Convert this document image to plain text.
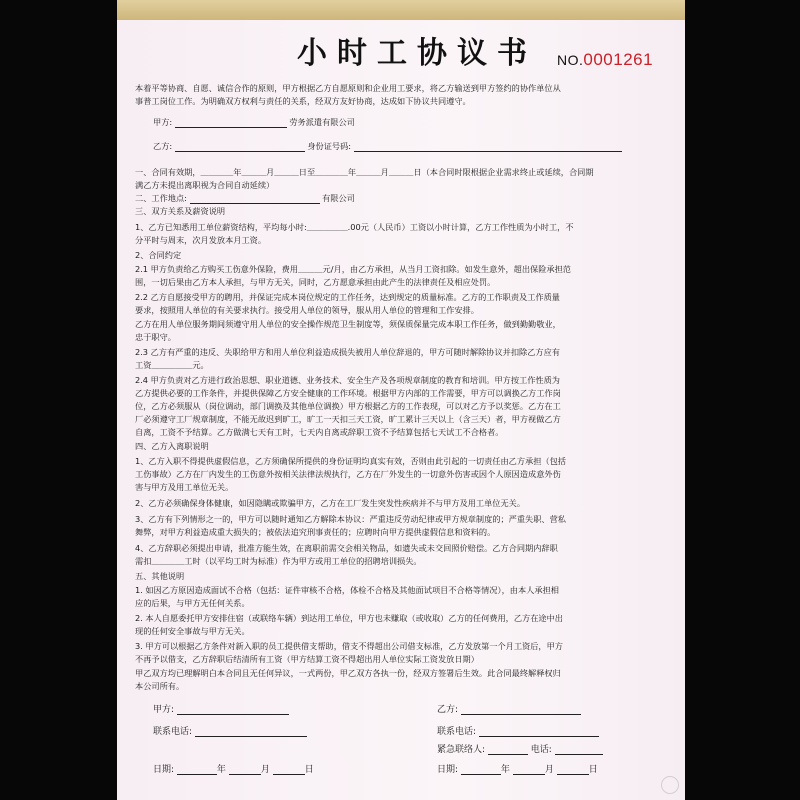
小时工协议书	NO.0001261
本着平等协商、自愿、诚信合作的原则，甲方根据乙方自愿原则和企业用工要求，将乙方输送到甲方签约的协作单位从
事普工岗位工作。为明确双方权利与责任的关系，经双方友好协商，达成如下协议共同遵守。
甲方:	劳务派遣有限公司
乙方:	身份证号码:
一、合同有效期，＿＿＿＿年＿＿＿月＿＿＿日至＿＿＿＿年＿＿＿月＿＿＿日（本合同时限根据企业需求终止或延续，合同期
满乙方未提出离职视为合同自动延续）
二、工作地点:	有限公司
三、双方关系及薪资说明
1、乙方已知悉用工单位薪资结构，平均每小时:＿＿＿＿＿.00元（人民币）工资以小时计算，乙方工作性质为小时工，不
分平时与周末，次月发放本月工资。
2、合同约定
2.1 甲方负责给乙方购买工伤意外保险，费用＿＿＿元/月，由乙方承担，从当月工资扣除。如发生意外，超出保险承担范
围，一切后果由乙方本人承担，与甲方无关，同时，乙方愿意承担由此产生的法律责任及相应处罚。
2.2 乙方自愿接受甲方的聘用，并保证完成本岗位规定的工作任务，达到规定的质量标准。乙方的工作职责及工作质量
要求，按照用人单位的有关要求执行。接受用人单位的领导，服从用人单位的管理和工作安排。
乙方在用人单位服务期间须遵守用人单位的安全操作规范卫生制度等，须保质保量完成本职工作任务，做到勤勤敬业，
忠于职守。
2.3 乙方有严重的违反、失职给甲方和用人单位利益造成损失被用人单位辞退的，甲方可随时解除协议并扣除乙方应有
工资＿＿＿＿＿元。
2.4 甲方负责对乙方进行政治思想、职业道德、业务技术、安全生产及各项规章制度的教育和培训。甲方按工作性质为
乙方提供必要的工作条件，并提供保障乙方安全健康的工作环境。根据甲方内部的工作需要，甲方可以调换乙方工作岗
位，乙方必须服从（岗位调动，部门调换及其他单位调换）甲方根据乙方的工作表现，可以对乙方予以奖惩。乙方在工
厂必须遵守工厂规章制度，不能无故迟到旷工，旷工一天扣三天工资，旷工累计三天以上（含三天）者，甲方视做乙方
自离，工资不予结算。乙方做满七天有工时，七天内自离或辞职工资不予结算包括七天试工不合格者。
四、乙方入离职说明
1、乙方入职不得提供虚假信息，乙方须确保所提供的身份证明均真实有效，否则由此引起的一切责任由乙方承担（包括
工伤事故）乙方在厂内发生的工伤意外按相关法律法规执行，乙方在厂外发生的一切意外伤害或因个人原因造成意外伤
害与甲方及用工单位无关。
2、乙方必须确保身体健康，如因隐瞒或欺骗甲方，乙方在工厂发生突发性疾病并不与甲方及用工单位无关。
3、乙方有下列情形之一的，甲方可以随时通知乙方解除本协议：严重违反劳动纪律或甲方规章制度的；严重失职、营私
舞弊，对甲方利益造成重大损失的；被依法追究刑事责任的；应聘时向甲方提供虚假信息和资料的。
4、乙方辞职必须提出申请，批准方能生效，在离职前需交会相关物品，如遗失或未交回照价赔偿。乙方合同期内辞职
需扣＿＿＿＿工时（以平均工时为标准）作为甲方或用工单位的招聘培训损失。
五、其他说明
1. 如因乙方原因造成面试不合格（包括：证件审核不合格，体检不合格及其他面试项目不合格等情况），由本人承担相
应的后果，与甲方无任何关系。
2. 本人自愿委托甲方安排住宿（或联络车辆）到达用工单位，甲方也未赚取（或收取）乙方的任何费用，乙方在途中出
现的任何安全事故与甲方无关。
3. 甲方可以根据乙方条件对新入职的员工提供借支帮助，借支不得超出公司借支标准，乙方发放第一个月工资后，甲方
不再予以借支，乙方辞职后结清所有工资（甲方结算工资不得超出用人单位实际工资发放日期）
甲乙双方均已理解明白本合同且无任何异议，一式两份，甲乙双方各执一份，经双方签署后生效。此合同最终解释权归
本公司所有。
甲方:
联系电话:
日期:	年	月	日
乙方:
联系电话:
紧急联络人:	电话:
日期:	年	月	日
